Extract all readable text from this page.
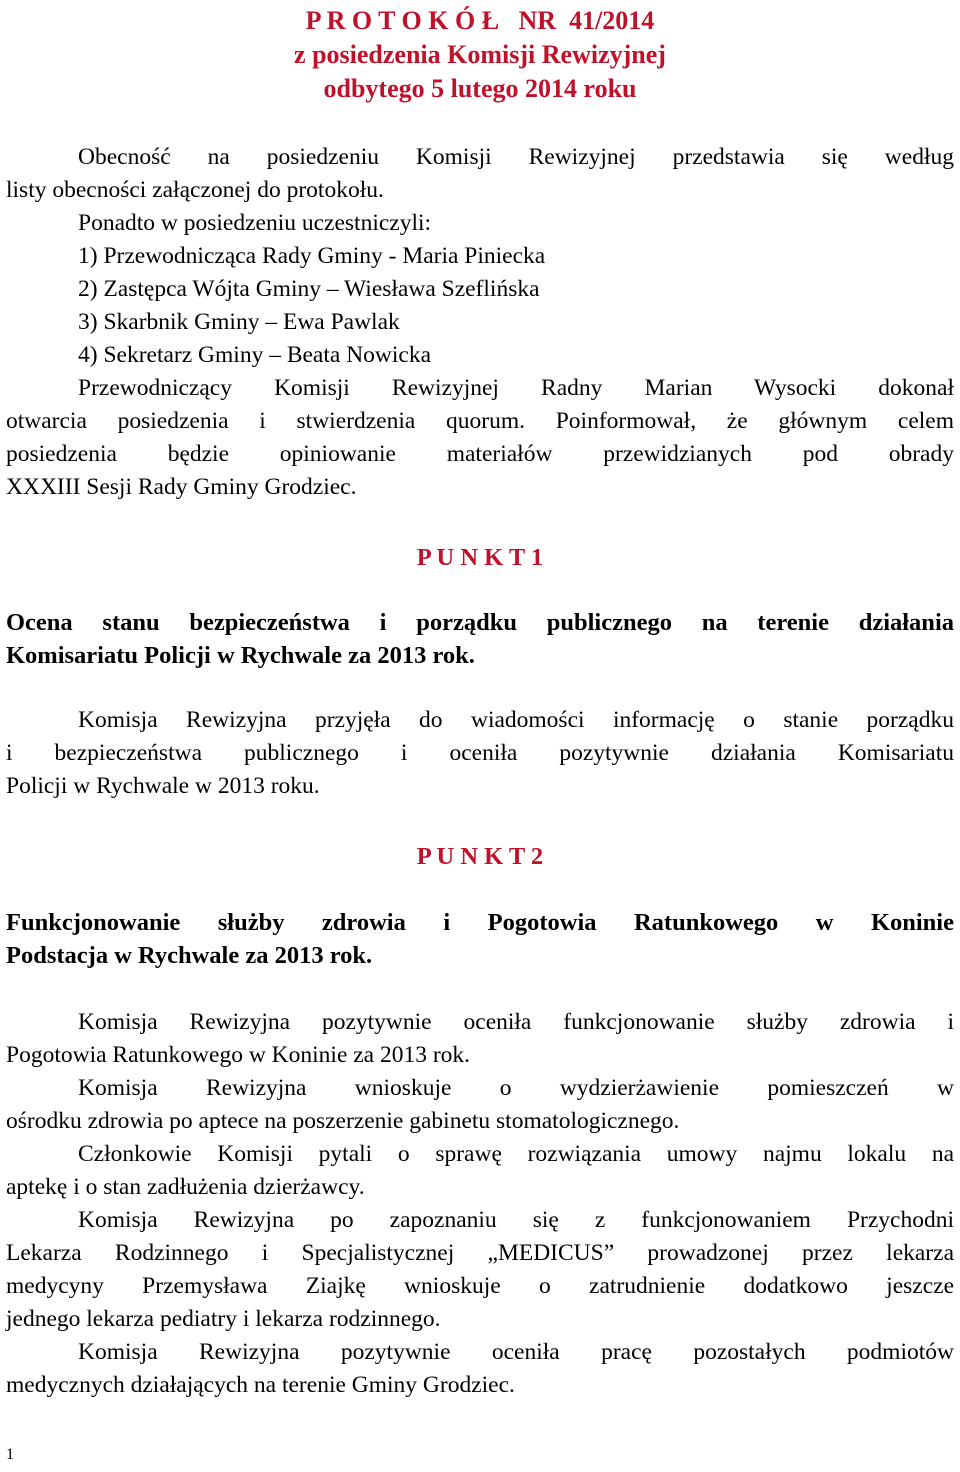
P R O T O K Ó Ł   NR  41/2014
z posiedzenia Komisji Rewizyjnej
odbytego 5 lutego 2014 roku
Obecność na posiedzeniu Komisji Rewizyjnej przedstawia się według
listy obecności załączonej do protokołu.
Ponadto w posiedzeniu uczestniczyli:
1) Przewodnicząca Rady Gminy - Maria Piniecka
2) Zastępca Wójta Gminy – Wiesława Szeflińska
3) Skarbnik Gminy – Ewa Pawlak
4) Sekretarz Gminy – Beata Nowicka
Przewodniczący Komisji Rewizyjnej Radny Marian Wysocki dokonał
otwarcia posiedzenia i stwierdzenia quorum. Poinformował, że głównym celem
posiedzenia będzie opiniowanie materiałów przewidzianych pod obrady
XXXIII Sesji Rady Gminy Grodziec.
P U N K T 1
Ocena stanu bezpieczeństwa i porządku publicznego na terenie działania
Komisariatu Policji w Rychwale za 2013 rok.
Komisja Rewizyjna przyjęła do wiadomości informację o stanie porządku
i bezpieczeństwa publicznego i oceniła pozytywnie działania Komisariatu
Policji w Rychwale w 2013 roku.
P U N K T 2
Funkcjonowanie służby zdrowia i Pogotowia Ratunkowego w Koninie
Podstacja w Rychwale za 2013 rok.
Komisja Rewizyjna pozytywnie oceniła funkcjonowanie służby zdrowia i
Pogotowia Ratunkowego w Koninie za 2013 rok.
Komisja Rewizyjna wnioskuje o wydzierżawienie pomieszczeń w
ośrodku zdrowia po aptece na poszerzenie gabinetu stomatologicznego.
Członkowie Komisji pytali o sprawę rozwiązania umowy najmu lokalu na
aptekę i o stan zadłużenia dzierżawcy.
Komisja Rewizyjna po zapoznaniu się z funkcjonowaniem Przychodni
Lekarza Rodzinnego i Specjalistycznej „MEDICUS” prowadzonej przez lekarza
medycyny Przemysława Ziajkę wnioskuje o zatrudnienie dodatkowo jeszcze
jednego lekarza pediatry i lekarza rodzinnego.
Komisja Rewizyjna pozytywnie oceniła pracę pozostałych podmiotów
medycznych działających na terenie Gminy Grodziec.
1
